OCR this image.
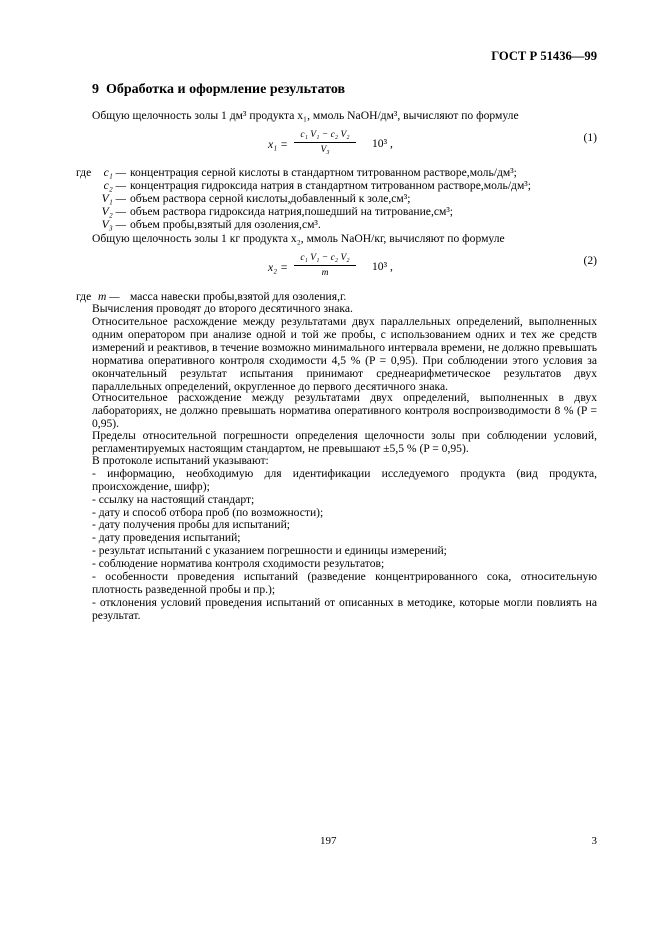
ГОСТ Р 51436—99
9 Обработка и оформление результатов
Общую щелочность золы 1 дм³ продукта x₁, ммоль NaOH/дм³, вычисляют по формуле
x₁ =
c₁ V₁ − c₂ V₂
V₃	10³ ,	(1)
где	c₁ — концентрация серной кислоты в стандартном титрованном растворе,моль/дм³;
c₂ — концентрация гидроксида натрия в стандартном титрованном растворе,моль/дм³;
V₁ — объем раствора серной кислоты,добавленный к золе,см³;
V₂ — объем раствора гидроксида натрия,пошедший на титрование,см³;
V₃ — объем пробы,взятый для озоления,см³.
Общую щелочность золы 1 кг продукта x₂, ммоль NaOH/кг, вычисляют по формуле
x₂ =
c₁ V₁ − c₂ V₂
m	10³ ,	(2)
где m — масса навески пробы,взятой для озоления,г.
Вычисления проводят до второго десятичного знака.
Относительное расхождение между результатами двух параллельных определений, выполненных одним оператором при анализе одной и той же пробы, с использованием одних и тех же средств измерений и реактивов, в течение возможно минимального интервала времени, не должно превышать норматива оперативного контроля сходимости 4,5 % (P = 0,95). При соблюдении этого условия за окончательный результат испытания принимают среднеарифметическое результатов двух параллельных определений, округленное до первого десятичного знака.
Относительное расхождение между результатами двух определений, выполненных в двух лабораториях, не должно превышать норматива оперативного контроля воспроизводимости 8 % (P = 0,95).
Пределы относительной погрешности определения щелочности золы при соблюдении условий, регламентируемых настоящим стандартом, не превышают ±5,5 % (P = 0,95).
В протоколе испытаний указывают:
- информацию, необходимую для идентификации исследуемого продукта (вид продукта, происхождение, шифр);
- ссылку на настоящий стандарт;
- дату и способ отбора проб (по возможности);
- дату получения пробы для испытаний;
- дату проведения испытаний;
- результат испытаний с указанием погрешности и единицы измерений;
- соблюдение норматива контроля сходимости результатов;
- особенности проведения испытаний (разведение концентрированного сока, относительную плотность разведенной пробы и пр.);
- отклонения условий проведения испытаний от описанных в методике, которые могли повлиять на результат.
197	3
